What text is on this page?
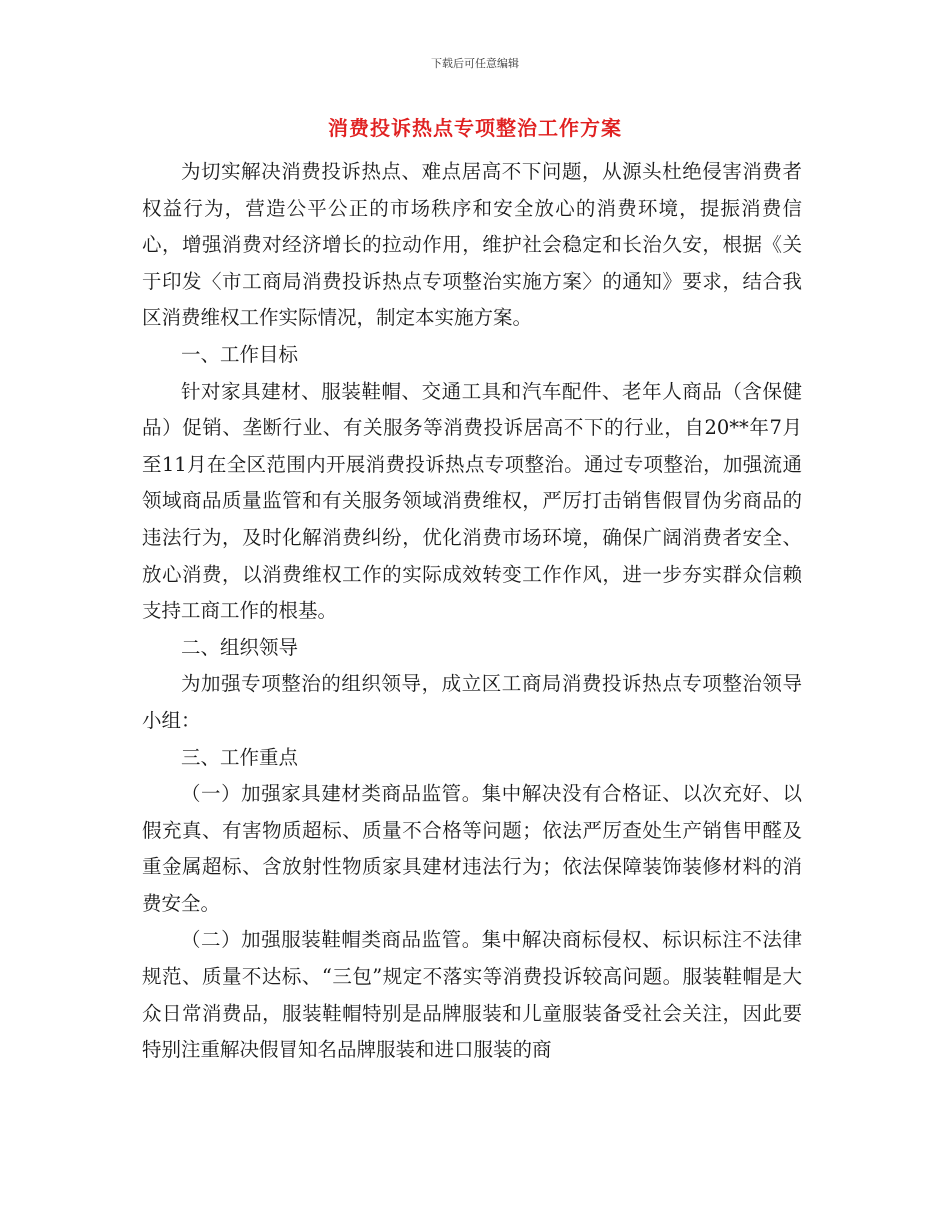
下载后可任意编辑
消费投诉热点专项整治工作方案

为切实解决消费投诉热点、难点居高不下问题，从源头杜绝侵害消费者权益行为，营造公平公正的市场秩序和安全放心的消费环境，提振消费信心，增强消费对经济增长的拉动作用，维护社会稳定和长治久安，根据《关于印发〈市工商局消费投诉热点专项整治实施方案〉的通知》要求，结合我区消费维权工作实际情况，制定本实施方案。

一、工作目标

针对家具建材、服装鞋帽、交通工具和汽车配件、老年人商品（含保健品）促销、垄断行业、有关服务等消费投诉居高不下的行业，自20**年7月至11月在全区范围内开展消费投诉热点专项整治。通过专项整治，加强流通领域商品质量监管和有关服务领域消费维权，严厉打击销售假冒伪劣商品的违法行为，及时化解消费纠纷，优化消费市场环境，确保广阔消费者安全、放心消费，以消费维权工作的实际成效转变工作作风，进一步夯实群众信赖支持工商工作的根基。

二、组织领导

为加强专项整治的组织领导，成立区工商局消费投诉热点专项整治领导小组：

三、工作重点

（一）加强家具建材类商品监管。集中解决没有合格证、以次充好、以假充真、有害物质超标、质量不合格等问题；依法严厉查处生产销售甲醛及重金属超标、含放射性物质家具建材违法行为；依法保障装饰装修材料的消费安全。

（二）加强服装鞋帽类商品监管。集中解决商标侵权、标识标注不法律规范、质量不达标、“三包”规定不落实等消费投诉较高问题。服装鞋帽是大众日常消费品，服装鞋帽特别是品牌服装和儿童服装备受社会关注，因此要特别注重解决假冒知名品牌服装和进口服装的商
